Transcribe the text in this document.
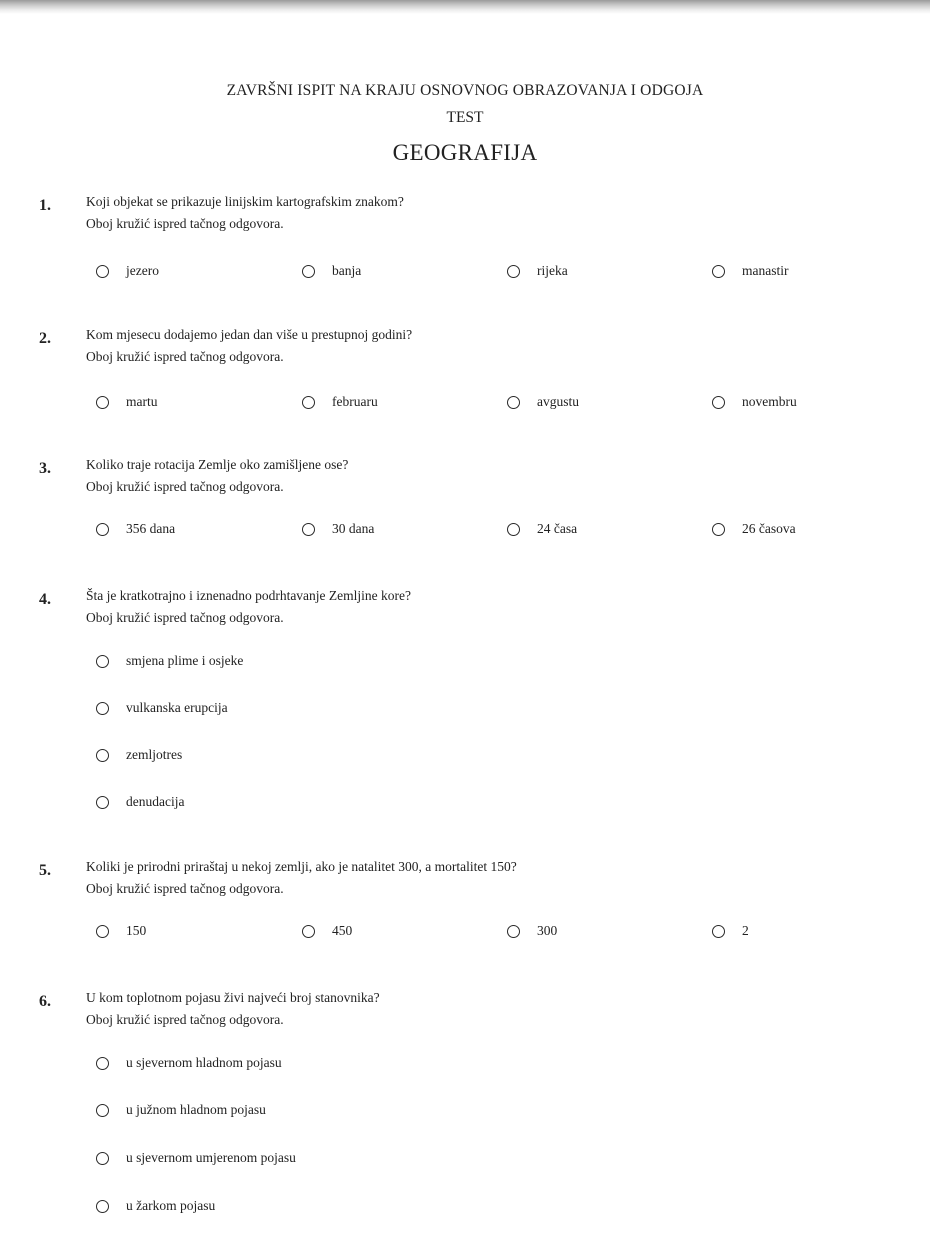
ZAVRŠNI ISPIT NA KRAJU OSNOVNOG OBRAZOVANJA I ODGOJA
TEST
GEOGRAFIJA
1.	Koji objekat se prikazuje linijskim kartografskim znakom?
Oboj kružić ispred tačnog odgovora.
jezero	banja	rijeka	manastir
2.	Kom mjesecu dodajemo jedan dan više u prestupnoj godini?
Oboj kružić ispred tačnog odgovora.
martu	februaru	avgustu	novembru
3.	Koliko traje rotacija Zemlje oko zamišljene ose?
Oboj kružić ispred tačnog odgovora.
356 dana	30 dana	24 časa	26 časova
4.	Šta je kratkotrajno i iznenadno podrhtavanje Zemljine kore?
Oboj kružić ispred tačnog odgovora.
smjena plime i osjeke
vulkanska erupcija
zemljotres
denudacija
5.	Koliki je prirodni priraštaj u nekoj zemlji, ako je natalitet 300, a mortalitet 150?
Oboj kružić ispred tačnog odgovora.
150	450	300	2
6.	U kom toplotnom pojasu živi najveći broj stanovnika?
Oboj kružić ispred tačnog odgovora.
u sjevernom hladnom pojasu
u južnom hladnom pojasu
u sjevernom umjerenom pojasu
u žarkom pojasu
